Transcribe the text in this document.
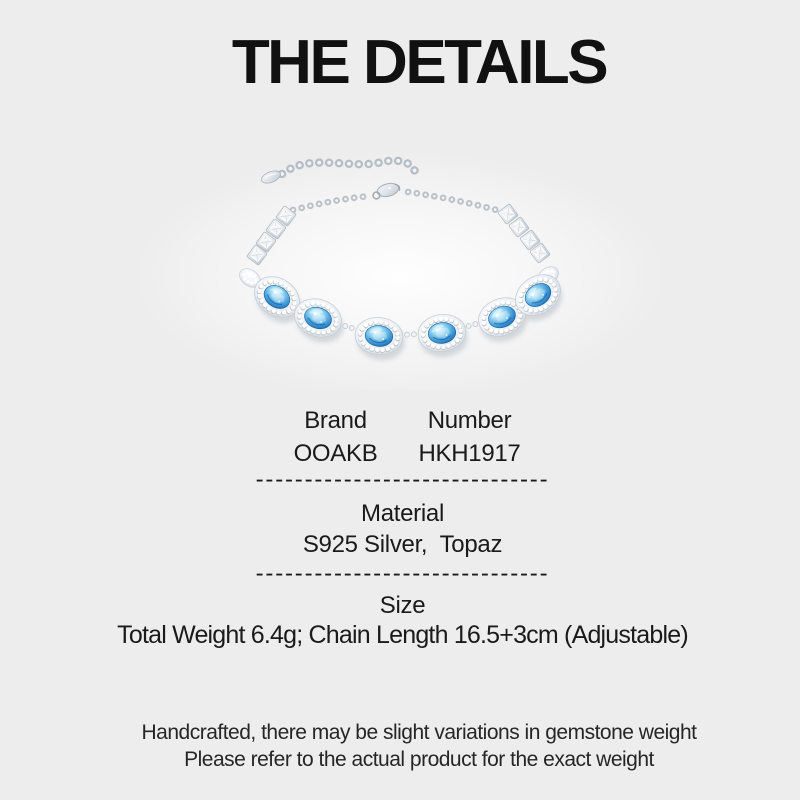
THE DETAILS
Brand
OOAKB
Number
HKH1917
------------------------------
Material
S925 Silver,  Topaz
------------------------------
Size
Total Weight 6.4g; Chain Length 16.5+3cm (Adjustable)
Handcrafted, there may be slight variations in gemstone weight
Please refer to the actual product for the exact weight
